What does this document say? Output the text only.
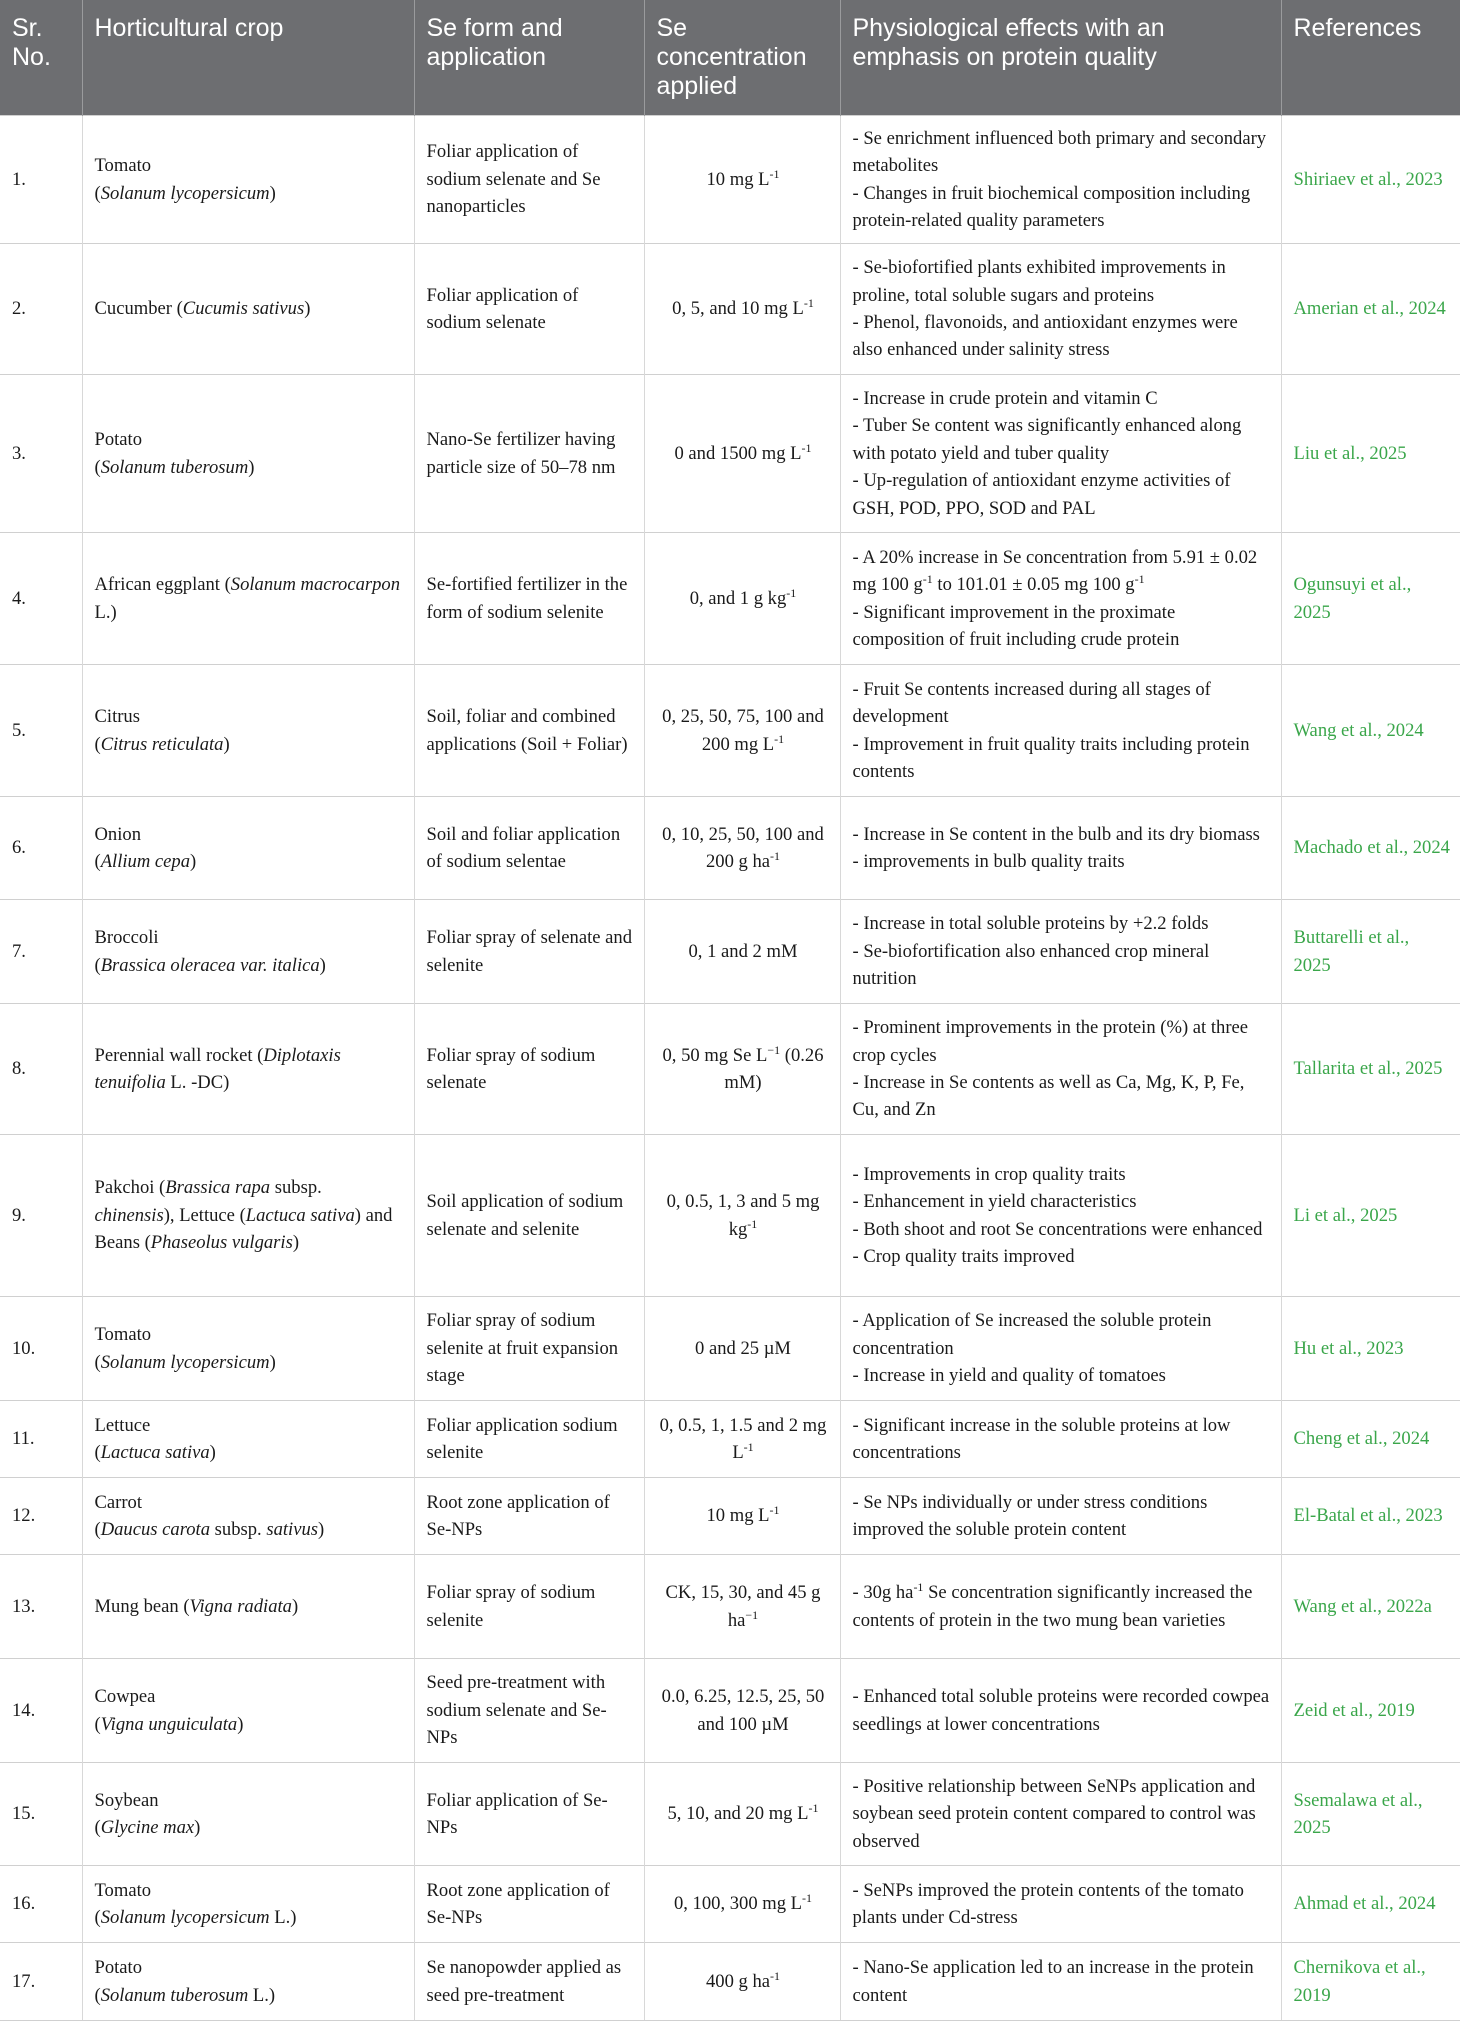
Sr. No.	Horticultural crop	Se form and application	Se concentration applied	Physiological effects with an emphasis on protein quality	References
1.	Tomato
(Solanum lycopersicum)	Foliar application of sodium selenate and Se nanoparticles	10 mg $L^{-1}$	- Se enrichment influenced both primary and secondary metabolites
- Changes in fruit biochemical composition including protein-related quality parameters	Shiriaev et al., 2023
2.	Cucumber (Cucumis sativus)	Foliar application of sodium selenate	0, 5, and 10 mg $L^{-1}$	- Se-biofortified plants exhibited improvements in proline, total soluble sugars and proteins
- Phenol, flavonoids, and antioxidant enzymes were also enhanced under salinity stress	Amerian et al., 2024
3.	Potato
(Solanum tuberosum)	Nano-Se fertilizer having particle size of 50–78 nm	0 and 1500 mg $L^{-1}$	- Increase in crude protein and vitamin C
- Tuber Se content was significantly enhanced along with potato yield and tuber quality
- Up-regulation of antioxidant enzyme activities of GSH, POD, PPO, SOD and PAL	Liu et al., 2025
4.	African eggplant (Solanum macrocarpon L.)	Se-fortified fertilizer in the form of sodium selenite	0, and 1 g $kg^{-1}$	- A 20% increase in Se concentration from 5.91 ± 0.02 mg 100 $g^{-1}$ to 101.01 ± 0.05 mg 100 $g^{-1}$
- Significant improvement in the proximate composition of fruit including crude protein	Ogunsuyi et al., 2025
5.	Citrus
(Citrus reticulata)	Soil, foliar and combined applications (Soil + Foliar)	0, 25, 50, 75, 100 and 200 mg $L^{-1}$	- Fruit Se contents increased during all stages of development
- Improvement in fruit quality traits including protein contents	Wang et al., 2024
6.	Onion
(Allium cepa)	Soil and foliar application of sodium selentae	0, 10, 25, 50, 100 and 200 g $ha^{-1}$	- Increase in Se content in the bulb and its dry biomass
- improvements in bulb quality traits	Machado et al., 2024
7.	Broccoli
(Brassica oleracea var. italica)	Foliar spray of selenate and selenite	0, 1 and 2 mM	- Increase in total soluble proteins by +2.2 folds
- Se-biofortification also enhanced crop mineral nutrition	Buttarelli et al., 2025
8.	Perennial wall rocket (Diplotaxis tenuifolia L. -DC)	Foliar spray of sodium selenate	0, 50 mg Se $L^{-1}$ (0.26 mM)	- Prominent improvements in the protein (%) at three crop cycles
- Increase in Se contents as well as Ca, Mg, K, P, Fe, Cu, and Zn	Tallarita et al., 2025
9.	Pakchoi (Brassica rapa subsp. chinensis), Lettuce (Lactuca sativa) and Beans (Phaseolus vulgaris)	Soil application of sodium selenate and selenite	0, 0.5, 1, 3 and 5 mg $kg^{-1}$	- Improvements in crop quality traits
- Enhancement in yield characteristics
- Both shoot and root Se concentrations were enhanced
- Crop quality traits improved	Li et al., 2025
10.	Tomato
(Solanum lycopersicum)	Foliar spray of sodium selenite at fruit expansion stage	0 and 25 µM	- Application of Se increased the soluble protein concentration
- Increase in yield and quality of tomatoes	Hu et al., 2023
11.	Lettuce
(Lactuca sativa)	Foliar application sodium selenite	0, 0.5, 1, 1.5 and 2 mg $L^{-1}$	- Significant increase in the soluble proteins at low concentrations	Cheng et al., 2024
12.	Carrot
(Daucus carota subsp. sativus)	Root zone application of Se-NPs	10 mg $L^{-1}$	- Se NPs individually or under stress conditions improved the soluble protein content	El-Batal et al., 2023
13.	Mung bean (Vigna radiata)	Foliar spray of sodium selenite	CK, 15, 30, and 45 g $ha^{-1}$	- 30g $ha^{-1}$ Se concentration significantly increased the contents of protein in the two mung bean varieties	Wang et al., 2022a
14.	Cowpea
(Vigna unguiculata)	Seed pre-treatment with sodium selenate and Se-NPs	0.0, 6.25, 12.5, 25, 50 and 100 µM	- Enhanced total soluble proteins were recorded cowpea seedlings at lower concentrations	Zeid et al., 2019
15.	Soybean
(Glycine max)	Foliar application of Se-NPs	5, 10, and 20 mg $L^{-1}$	- Positive relationship between SeNPs application and soybean seed protein content compared to control was observed	Ssemalawa et al., 2025
16.	Tomato
(Solanum lycopersicum L.)	Root zone application of Se-NPs	0, 100, 300 mg $L^{-1}$	- SeNPs improved the protein contents of the tomato plants under Cd-stress	Ahmad et al., 2024
17.	Potato
(Solanum tuberosum L.)	Se nanopowder applied as seed pre-treatment	400 g $ha^{-1}$	- Nano-Se application led to an increase in the protein content	Chernikova et al., 2019
